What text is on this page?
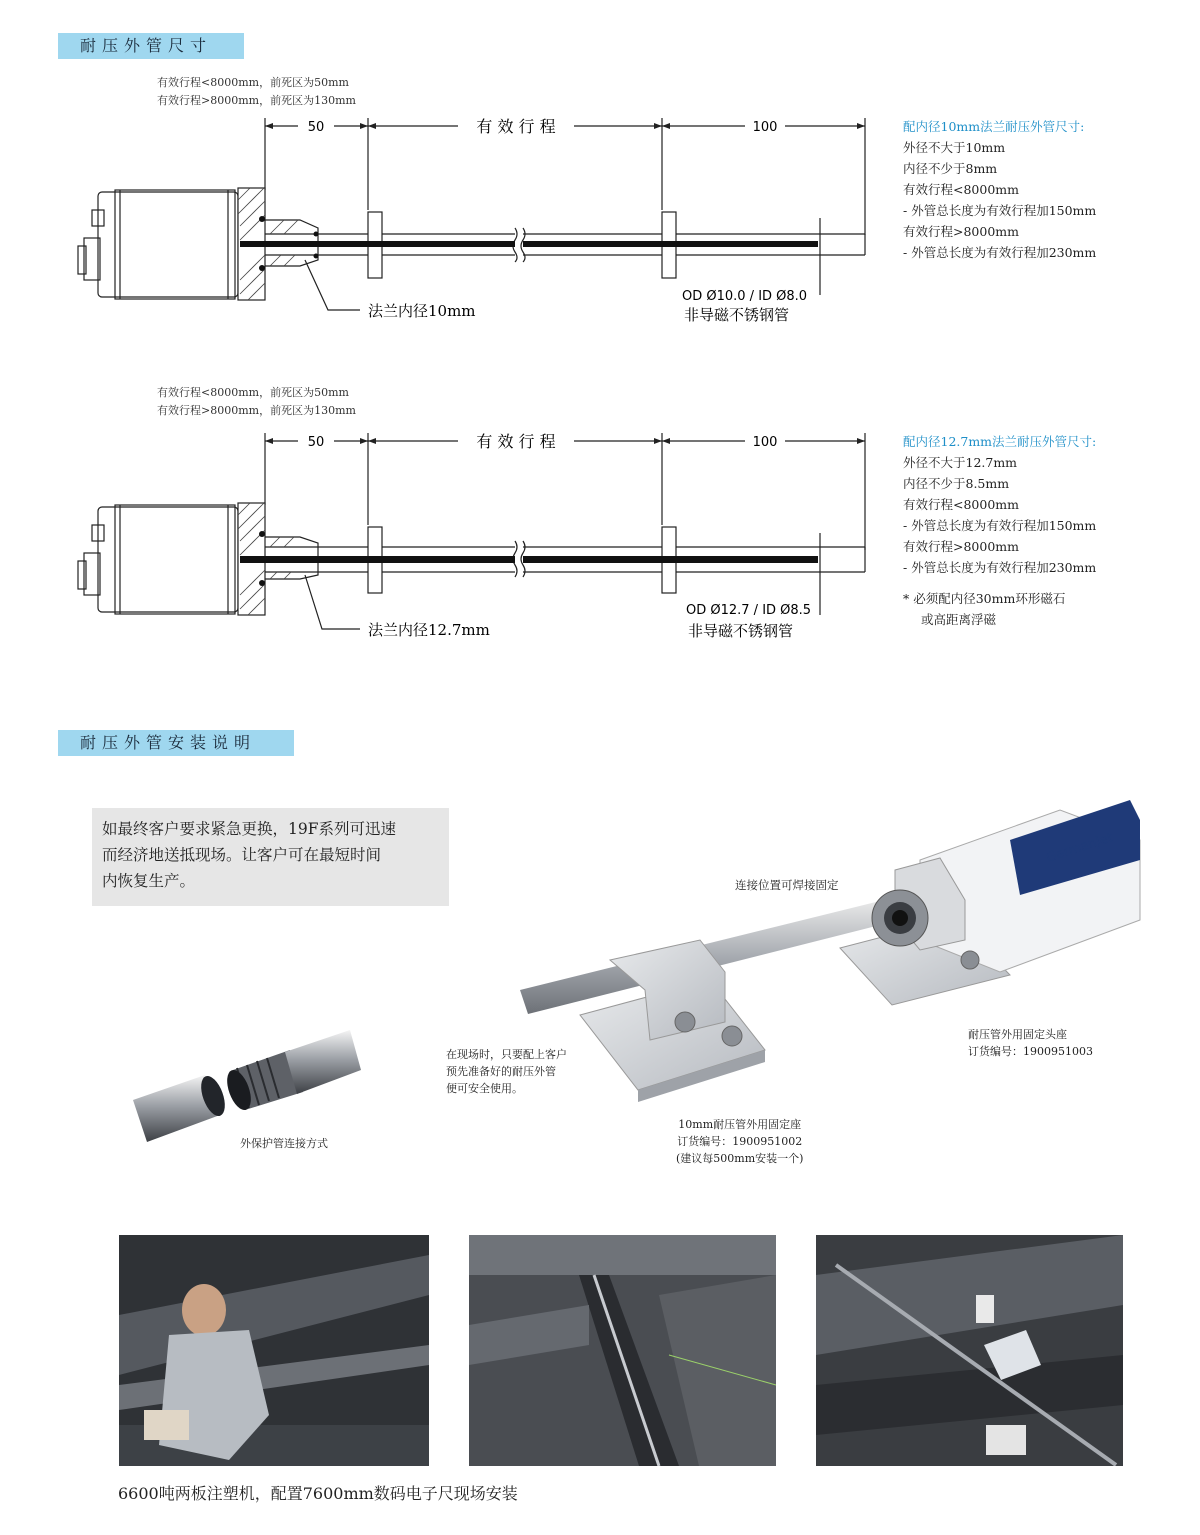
耐压外管尺寸
有效行程<8000mm，前死区为50mm
有效行程>8000mm，前死区为130mm
50	有 效 行 程	100
法兰内径10mm
OD Ø10.0 / ID Ø8.0
非导磁不锈钢管
配内径10mm法兰耐压外管尺寸:
外径不大于10mm
内径不少于8mm
有效行程<8000mm
- 外管总长度为有效行程加150mm
有效行程>8000mm
- 外管总长度为有效行程加230mm
有效行程<8000mm，前死区为50mm
有效行程>8000mm，前死区为130mm
50	有 效 行 程	100
法兰内径12.7mm
OD Ø12.7 / ID Ø8.5
非导磁不锈钢管
配内径12.7mm法兰耐压外管尺寸:
外径不大于12.7mm
内径不少于8.5mm
有效行程<8000mm
- 外管总长度为有效行程加150mm
有效行程>8000mm
- 外管总长度为有效行程加230mm
* 必须配内径30mm环形磁石
或高距离浮磁
耐压外管安装说明
如最终客户要求紧急更换，19F系列可迅速
而经济地送抵现场。让客户可在最短时间
内恢复生产。
GermanJet
连接位置可焊接固定
外保护管连接方式
在现场时，只要配上客户
预先准备好的耐压外管
便可安全使用。
10mm耐压管外用固定座
订货编号：1900951002
(建议每500mm安装一个)
耐压管外用固定头座
订货编号：1900951003
6600吨两板注塑机，配置7600mm数码电子尺现场安装
